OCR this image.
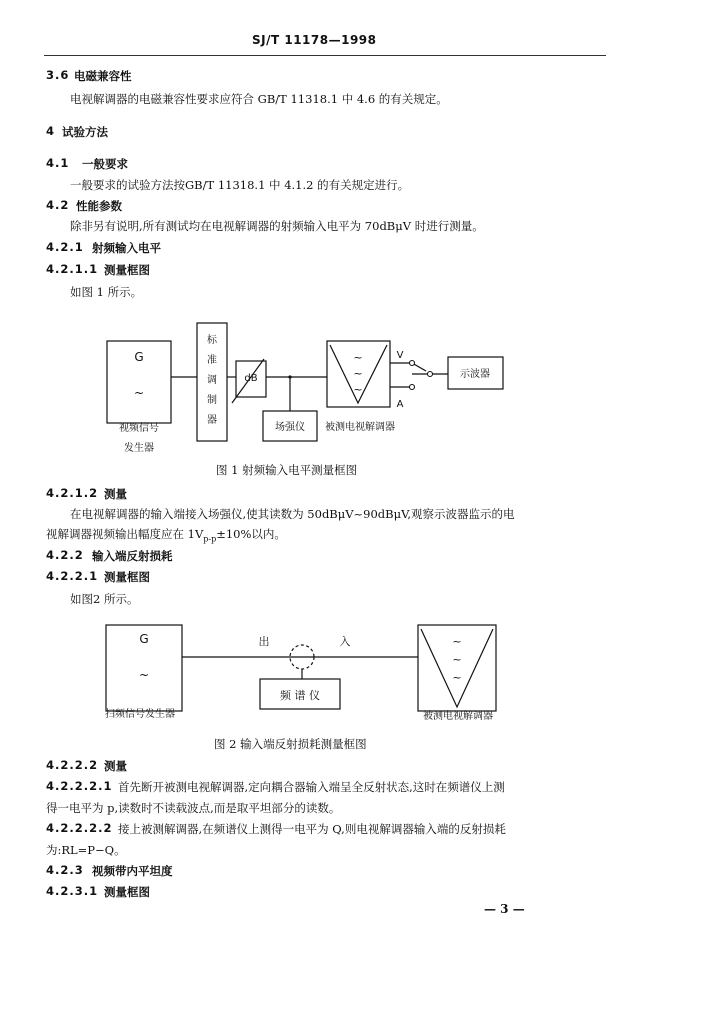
SJ/T 11178—1998
3.6 电磁兼容性
电视解调器的电磁兼容性要求应符合 GB/T 11318.1 中 4.6 的有关规定。
4 试验方法
4.1 一般要求
一般要求的试验方法按GB/T 11318.1 中 4.1.2 的有关规定进行。
4.2 性能参数
除非另有说明,所有测试均在电视解调器的射频输入电平为 70dBμV 时进行测量。
4.2.1 射频输入电平
4.2.1.1 测量框图
如图 1 所示。
G
~
视频信号
发生器
标
准
调
制
器
dB
场强仪 被测电视解调器
~
~
~
V
A
示波器
图 1 射频输入电平测量框图
4.2.1.2 测量
在电视解调器的输入端接入场强仪,使其读数为 50dBμV~90dBμV,观察示波器监示的电
视解调器视频输出幅度应在 $1V_{p-p}\pm 10\%$以内。
4.2.2 输入端反射损耗
4.2.2.1 测量框图
如图2 所示。
G
~
扫频信号发生器
出	入
频 谱 仪
~
~
~
被测电视解调器
图 2 输入端反射损耗测量框图
4.2.2.2 测量
4.2.2.2.1 首先断开被测电视解调器,定向耦合器输入端呈全反射状态,这时在频谱仪上测
得一电平为 p,读数时不读载波点,而是取平坦部分的读数。
4.2.2.2.2 接上被测解调器,在频谱仪上测得一电平为 Q,则电视解调器输入端的反射损耗
为:RL=P−Q。
4.2.3 视频带内平坦度
4.2.3.1 测量框图
— 3 —
